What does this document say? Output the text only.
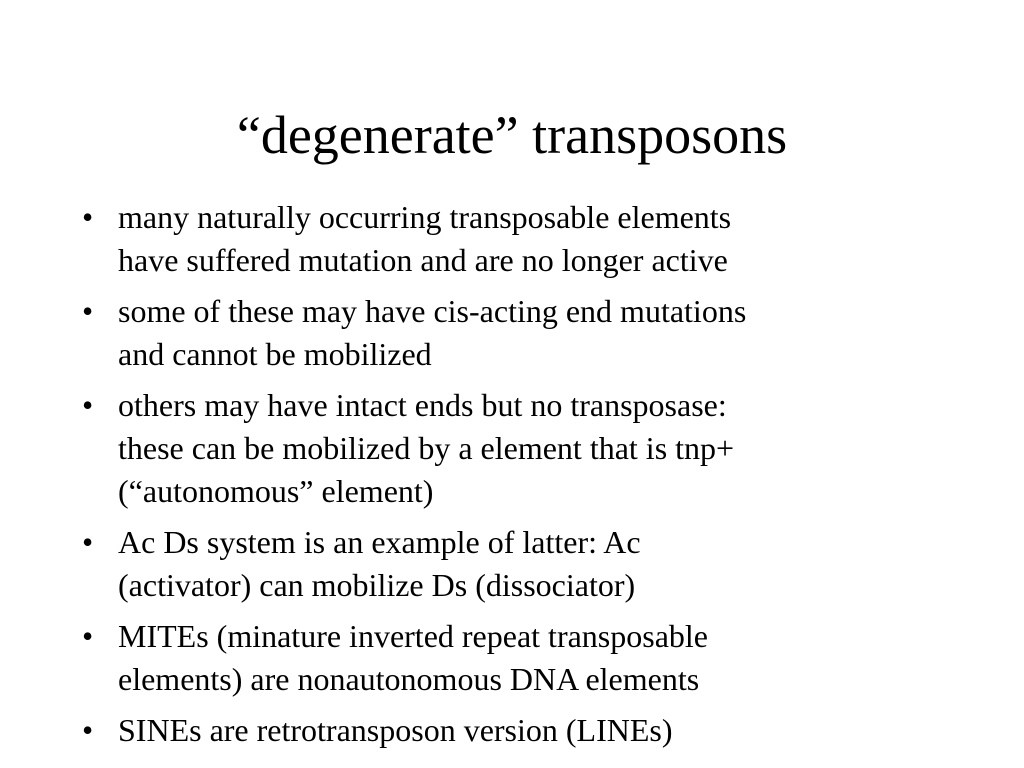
“degenerate” transposons
• many naturally occurring transposable elements
have suffered mutation and are no longer active
• some of these may have cis-acting end mutations
and cannot be mobilized
• others may have intact ends but no transposase:
these can be mobilized by a element that is tnp+
(“autonomous” element)
• Ac Ds system is an example of latter: Ac
(activator) can mobilize Ds (dissociator)
• MITEs (minature inverted repeat transposable
elements) are nonautonomous DNA elements
• SINEs are retrotransposon version (LINEs)
